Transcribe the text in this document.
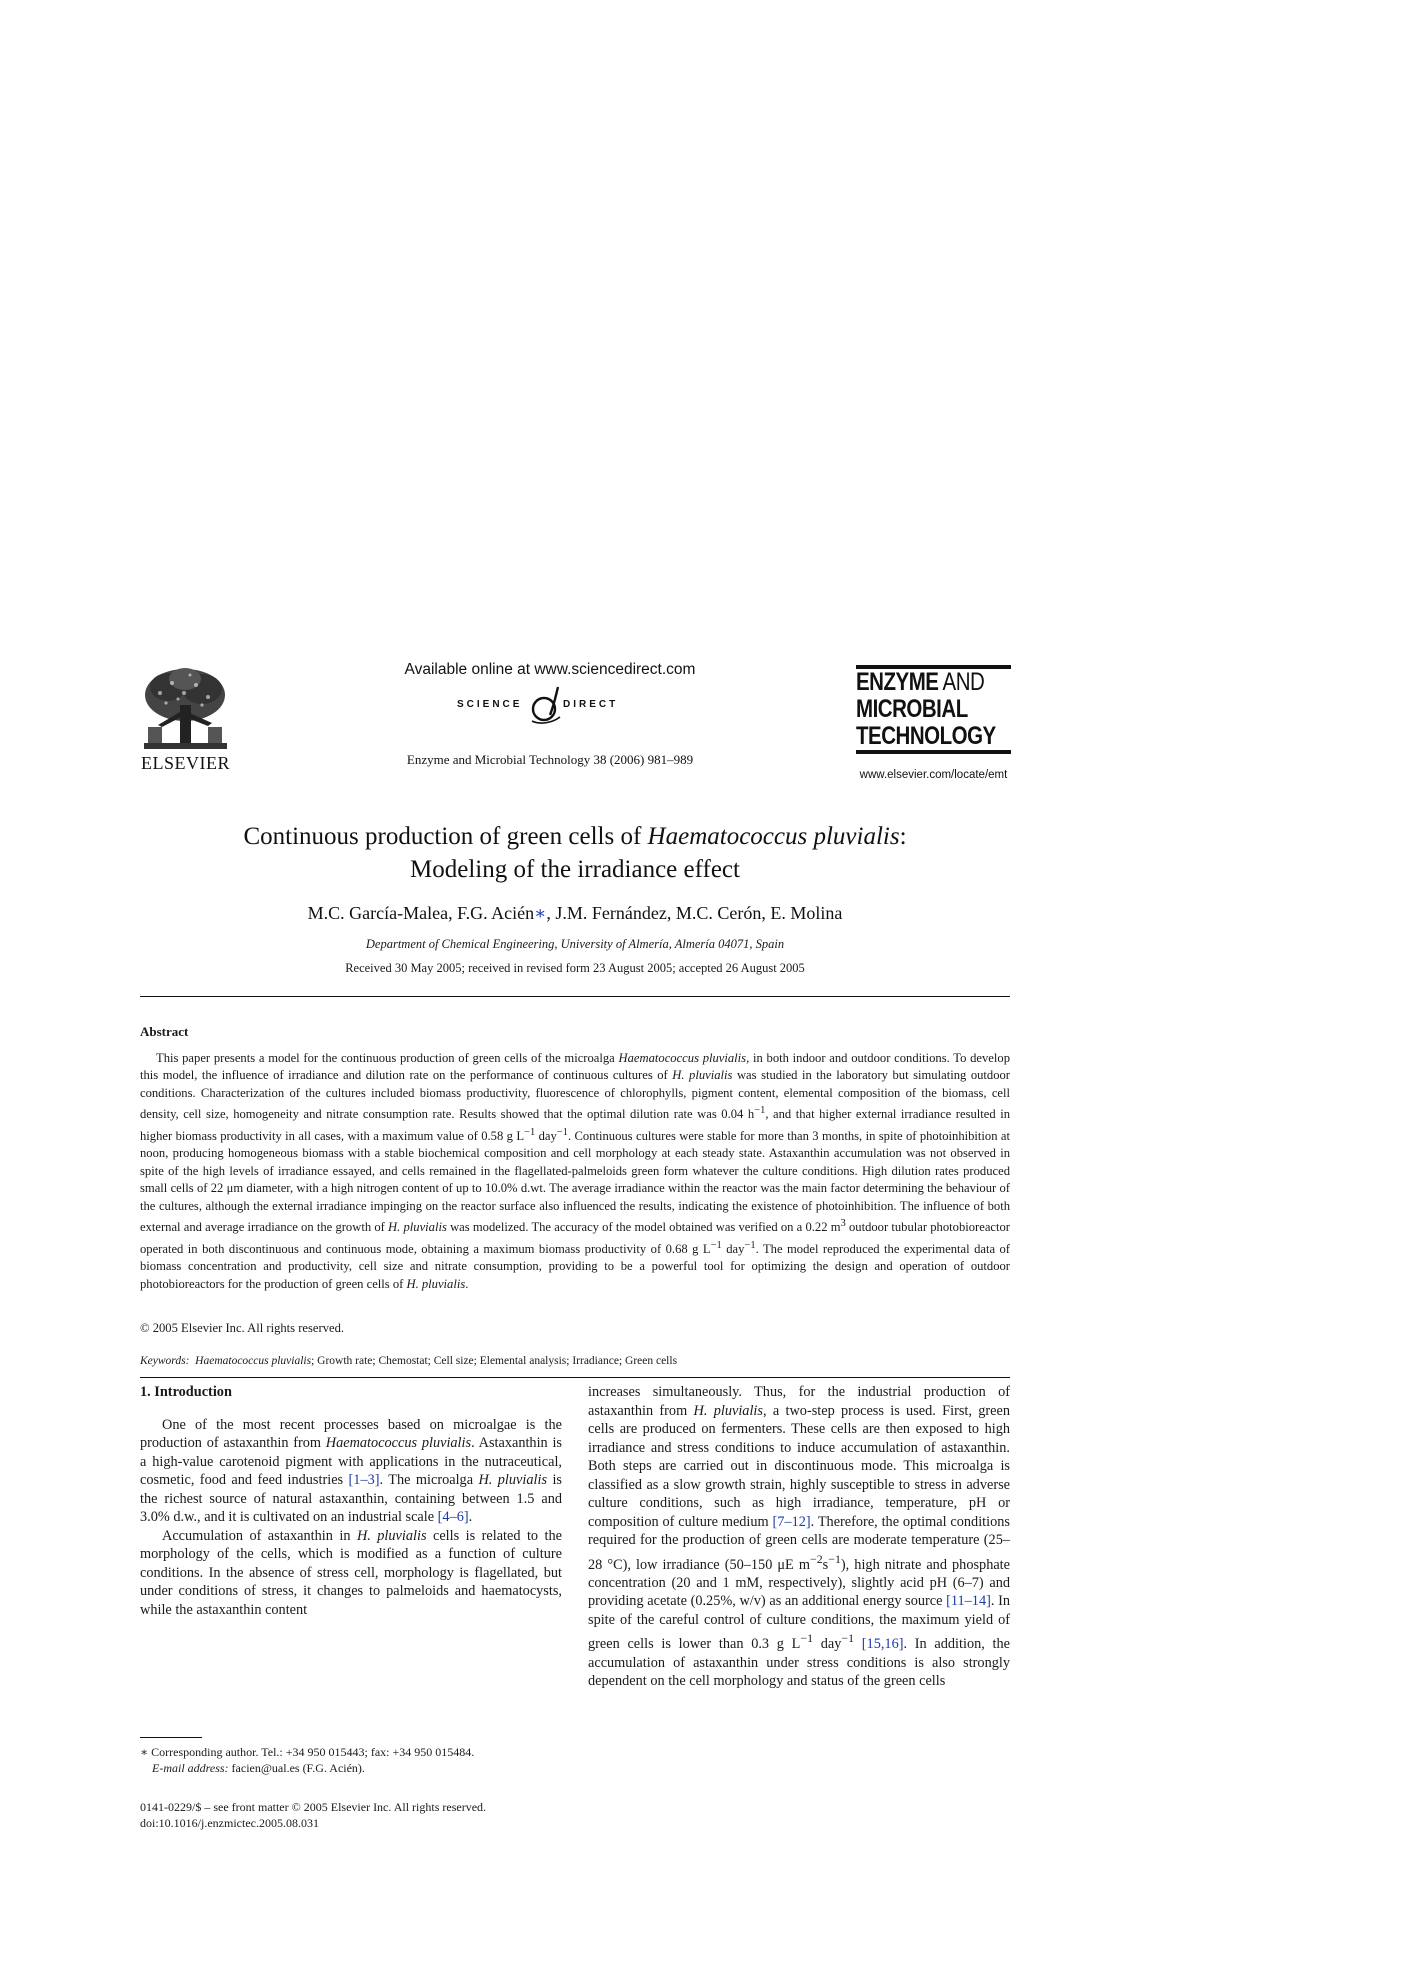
ELSEVIER
Available online at www.sciencedirect.com
SCIENCE	DIRECT
Enzyme and Microbial Technology 38 (2006) 981–989
ENZYME AND
MICROBIAL
TECHNOLOGY
www.elsevier.com/locate/emt
Continuous production of green cells of Haematococcus pluvialis:
Modeling of the irradiance effect
M.C. García-Malea, F.G. Acién∗, J.M. Fernández, M.C. Cerón, E. Molina
Department of Chemical Engineering, University of Almería, Almería 04071, Spain
Received 30 May 2005; received in revised form 23 August 2005; accepted 26 August 2005
Abstract
This paper presents a model for the continuous production of green cells of the microalga Haematococcus pluvialis, in both indoor and outdoor conditions. To develop this model, the influence of irradiance and dilution rate on the performance of continuous cultures of H. pluvialis was studied in the laboratory but simulating outdoor conditions. Characterization of the cultures included biomass productivity, fluorescence of chlorophylls, pigment content, elemental composition of the biomass, cell density, cell size, homogeneity and nitrate consumption rate. Results showed that the optimal dilution rate was 0.04 $h^{-1}$, and that higher external irradiance resulted in higher biomass productivity in all cases, with a maximum value of 0.58 g $L^{-1}$ day$^{-1}$. Continuous cultures were stable for more than 3 months, in spite of photoinhibition at noon, producing homogeneous biomass with a stable biochemical composition and cell morphology at each steady state. Astaxanthin accumulation was not observed in spite of the high levels of irradiance essayed, and cells remained in the flagellated-palmeloids green form whatever the culture conditions. High dilution rates produced small cells of 22 μm diameter, with a high nitrogen content of up to 10.0% d.wt. The average irradiance within the reactor was the main factor determining the behaviour of the cultures, although the external irradiance impinging on the reactor surface also influenced the results, indicating the existence of photoinhibition. The influence of both external and average irradiance on the growth of H. pluvialis was modelized. The accuracy of the model obtained was verified on a 0.22 $m^3$ outdoor tubular photobioreactor operated in both discontinuous and continuous mode, obtaining a maximum biomass productivity of 0.68 g $L^{-1}$ day$^{-1}$. The model reproduced the experimental data of biomass concentration and productivity, cell size and nitrate consumption, providing to be a powerful tool for optimizing the design and operation of outdoor photobioreactors for the production of green cells of H. pluvialis.
© 2005 Elsevier Inc. All rights reserved.
Keywords: Haematococcus pluvialis; Growth rate; Chemostat; Cell size; Elemental analysis; Irradiance; Green cells
1. Introduction

One of the most recent processes based on microalgae is the production of astaxanthin from Haematococcus pluvialis. Astaxanthin is a high-value carotenoid pigment with applications in the nutraceutical, cosmetic, food and feed industries [1–3]. The microalga H. pluvialis is the richest source of natural astaxanthin, containing between 1.5 and 3.0% d.w., and it is cultivated on an industrial scale [4–6].

Accumulation of astaxanthin in H. pluvialis cells is related to the morphology of the cells, which is modified as a function of culture conditions. In the absence of stress cell, morphology is flagellated, but under conditions of stress, it changes to palmeloids and haematocysts, while the astaxanthin content

increases simultaneously. Thus, for the industrial production of astaxanthin from H. pluvialis, a two-step process is used. First, green cells are produced on fermenters. These cells are then exposed to high irradiance and stress conditions to induce accumulation of astaxanthin. Both steps are carried out in discontinuous mode. This microalga is classified as a slow growth strain, highly susceptible to stress in adverse culture conditions, such as high irradiance, temperature, pH or composition of culture medium [7–12]. Therefore, the optimal conditions required for the production of green cells are moderate temperature (25–28 °C), low irradiance (50–150 μE $m^{-2}s^{-1}$), high nitrate and phosphate concentration (20 and 1 mM, respectively), slightly acid pH (6–7) and providing acetate (0.25%, w/v) as an additional energy source [11–14]. In spite of the careful control of culture conditions, the maximum yield of green cells is lower than 0.3 g $L^{-1}$ day$^{-1}$ [15,16]. In addition, the accumulation of astaxanthin under stress conditions is also strongly dependent on the cell morphology and status of the green cells

∗ Corresponding author. Tel.: +34 950 015443; fax: +34 950 015484.
E-mail address: facien@ual.es (F.G. Acién).
0141-0229/$ – see front matter © 2005 Elsevier Inc. All rights reserved.
doi:10.1016/j.enzmictec.2005.08.031
